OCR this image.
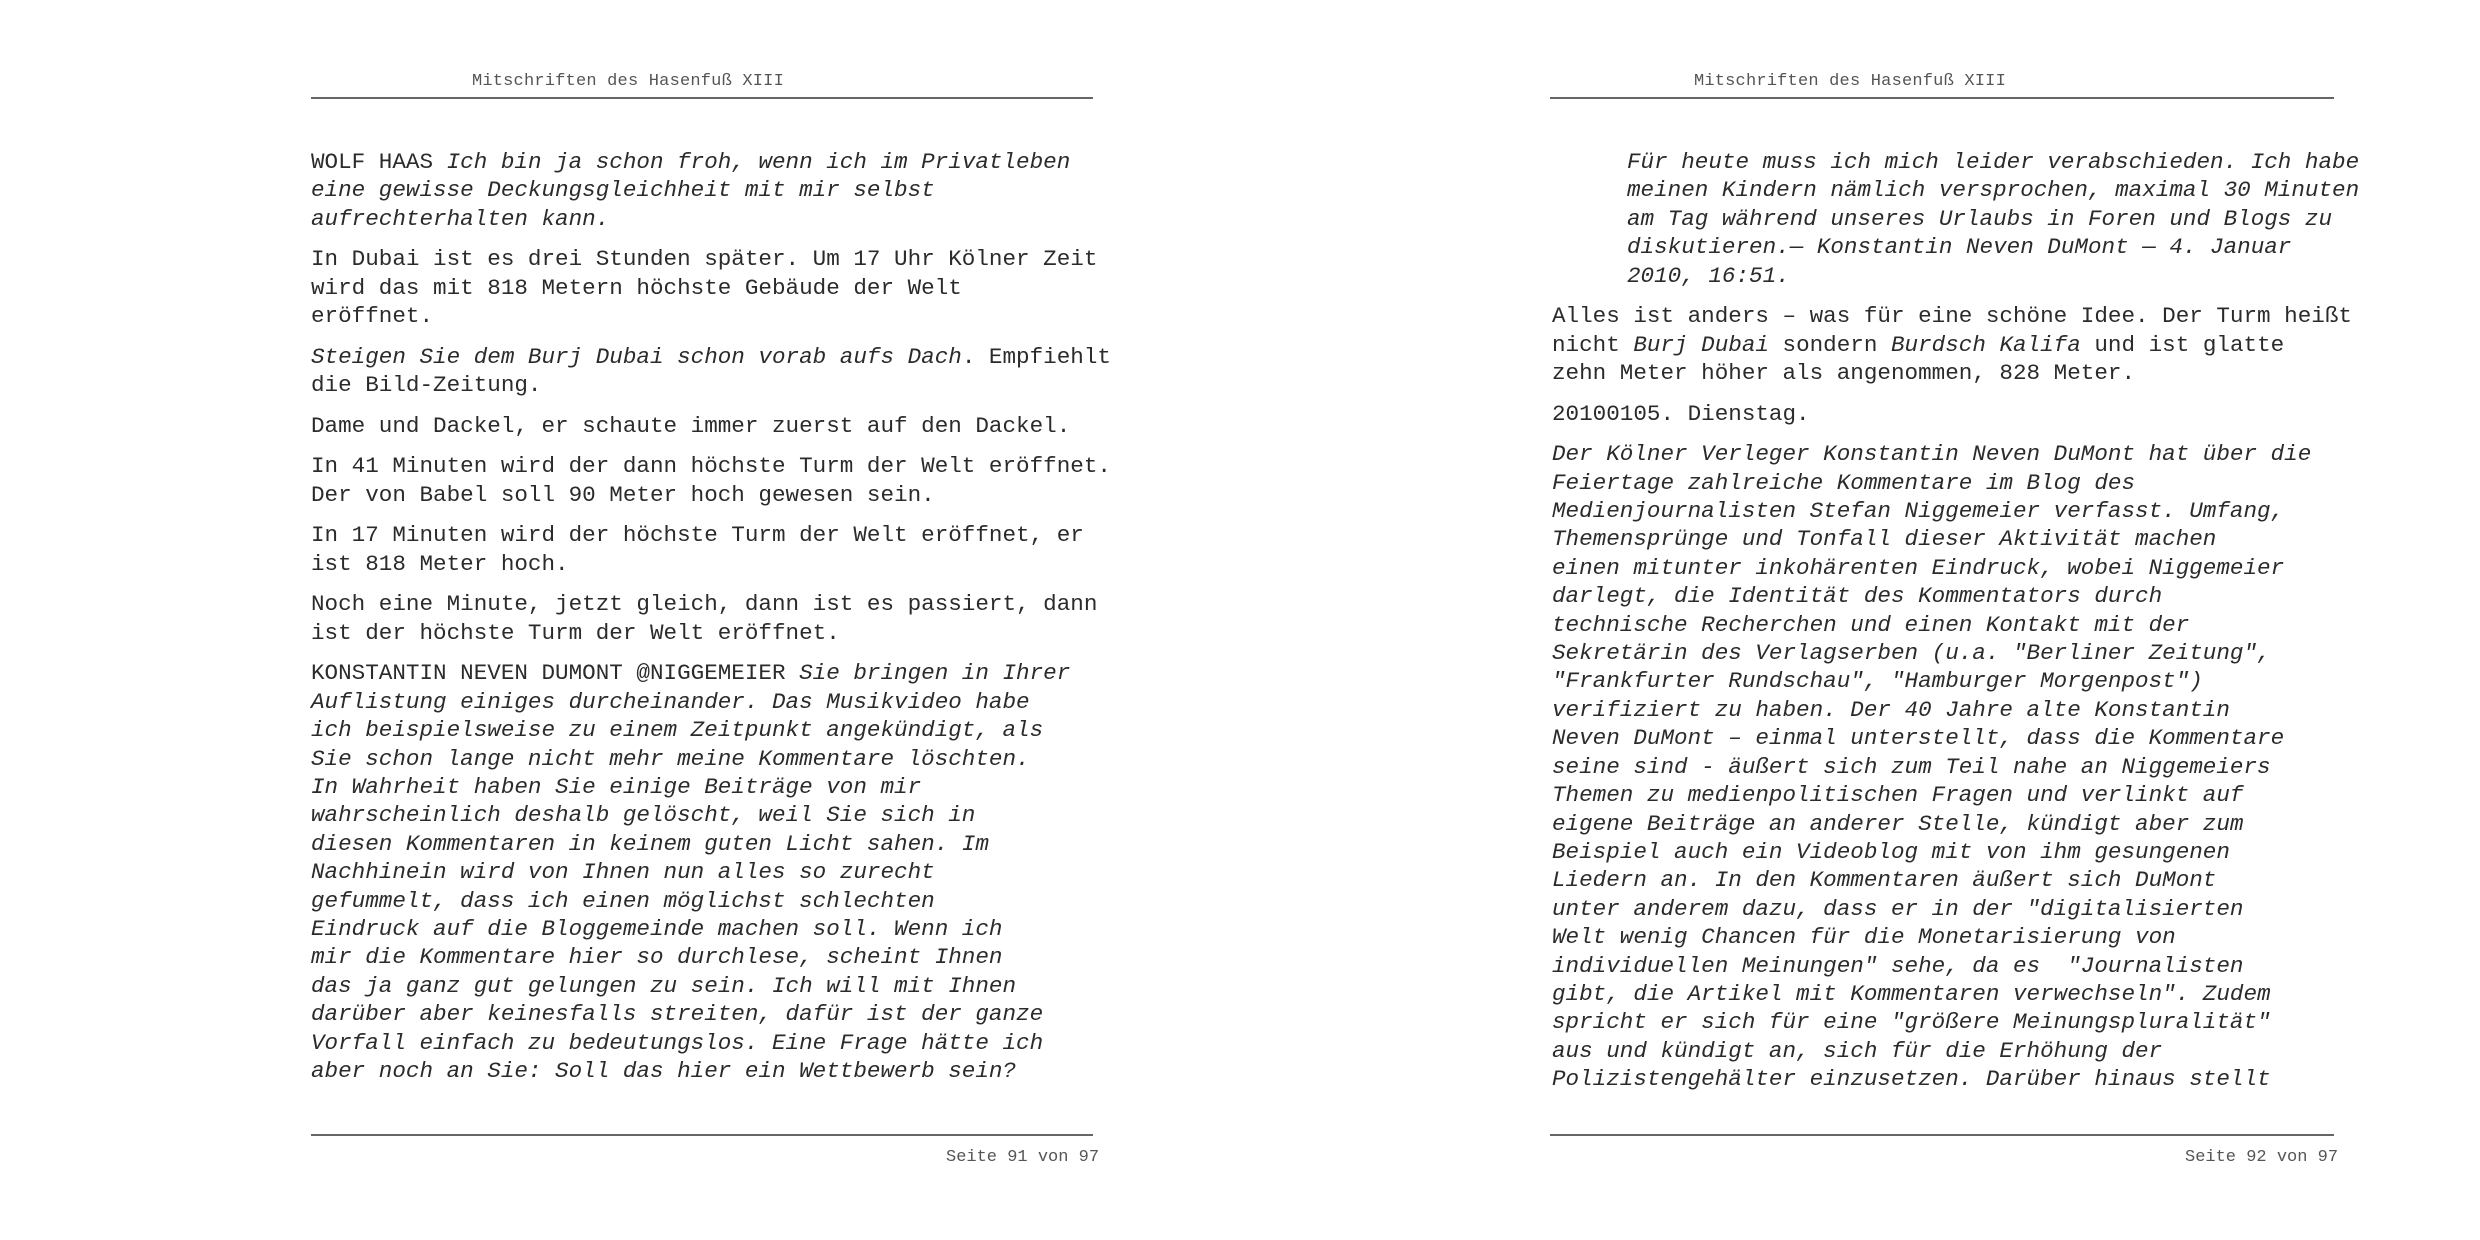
Mitschriften des Hasenfuß XIII
WOLF HAAS Ich bin ja schon froh, wenn ich im Privatleben
eine gewisse Deckungsgleichheit mit mir selbst
aufrechterhalten kann.
In Dubai ist es drei Stunden später. Um 17 Uhr Kölner Zeit
wird das mit 818 Metern höchste Gebäude der Welt
eröffnet.
Steigen Sie dem Burj Dubai schon vorab aufs Dach. Empfiehlt
die Bild-Zeitung.
Dame und Dackel, er schaute immer zuerst auf den Dackel.
In 41 Minuten wird der dann höchste Turm der Welt eröffnet.
Der von Babel soll 90 Meter hoch gewesen sein.
In 17 Minuten wird der höchste Turm der Welt eröffnet, er
ist 818 Meter hoch.
Noch eine Minute, jetzt gleich, dann ist es passiert, dann
ist der höchste Turm der Welt eröffnet.
KONSTANTIN NEVEN DUMONT @NIGGEMEIER Sie bringen in Ihrer
Auflistung einiges durcheinander. Das Musikvideo habe
ich beispielsweise zu einem Zeitpunkt angekündigt, als
Sie schon lange nicht mehr meine Kommentare löschten.
In Wahrheit haben Sie einige Beiträge von mir
wahrscheinlich deshalb gelöscht, weil Sie sich in
diesen Kommentaren in keinem guten Licht sahen. Im
Nachhinein wird von Ihnen nun alles so zurecht
gefummelt, dass ich einen möglichst schlechten
Eindruck auf die Bloggemeinde machen soll. Wenn ich
mir die Kommentare hier so durchlese, scheint Ihnen
das ja ganz gut gelungen zu sein. Ich will mit Ihnen
darüber aber keinesfalls streiten, dafür ist der ganze
Vorfall einfach zu bedeutungslos. Eine Frage hätte ich
aber noch an Sie: Soll das hier ein Wettbewerb sein?
Seite 91 von 97
Mitschriften des Hasenfuß XIII
Für heute muss ich mich leider verabschieden. Ich habe
meinen Kindern nämlich versprochen, maximal 30 Minuten
am Tag während unseres Urlaubs in Foren und Blogs zu
diskutieren.— Konstantin Neven DuMont — 4. Januar
2010, 16:51.
Alles ist anders – was für eine schöne Idee. Der Turm heißt
nicht Burj Dubai sondern Burdsch Kalifa und ist glatte
zehn Meter höher als angenommen, 828 Meter.
20100105. Dienstag.
Der Kölner Verleger Konstantin Neven DuMont hat über die
Feiertage zahlreiche Kommentare im Blog des
Medienjournalisten Stefan Niggemeier verfasst. Umfang,
Themensprünge und Tonfall dieser Aktivität machen
einen mitunter inkohärenten Eindruck, wobei Niggemeier
darlegt, die Identität des Kommentators durch
technische Recherchen und einen Kontakt mit der
Sekretärin des Verlagserben (u.a. "Berliner Zeitung",
"Frankfurter Rundschau", "Hamburger Morgenpost")
verifiziert zu haben. Der 40 Jahre alte Konstantin
Neven DuMont – einmal unterstellt, dass die Kommentare
seine sind - äußert sich zum Teil nahe an Niggemeiers
Themen zu medienpolitischen Fragen und verlinkt auf
eigene Beiträge an anderer Stelle, kündigt aber zum
Beispiel auch ein Videoblog mit von ihm gesungenen
Liedern an. In den Kommentaren äußert sich DuMont
unter anderem dazu, dass er in der "digitalisierten
Welt wenig Chancen für die Monetarisierung von
individuellen Meinungen" sehe, da es  "Journalisten
gibt, die Artikel mit Kommentaren verwechseln". Zudem
spricht er sich für eine "größere Meinungspluralität"
aus und kündigt an, sich für die Erhöhung der
Polizistengehälter einzusetzen. Darüber hinaus stellt
Seite 92 von 97
